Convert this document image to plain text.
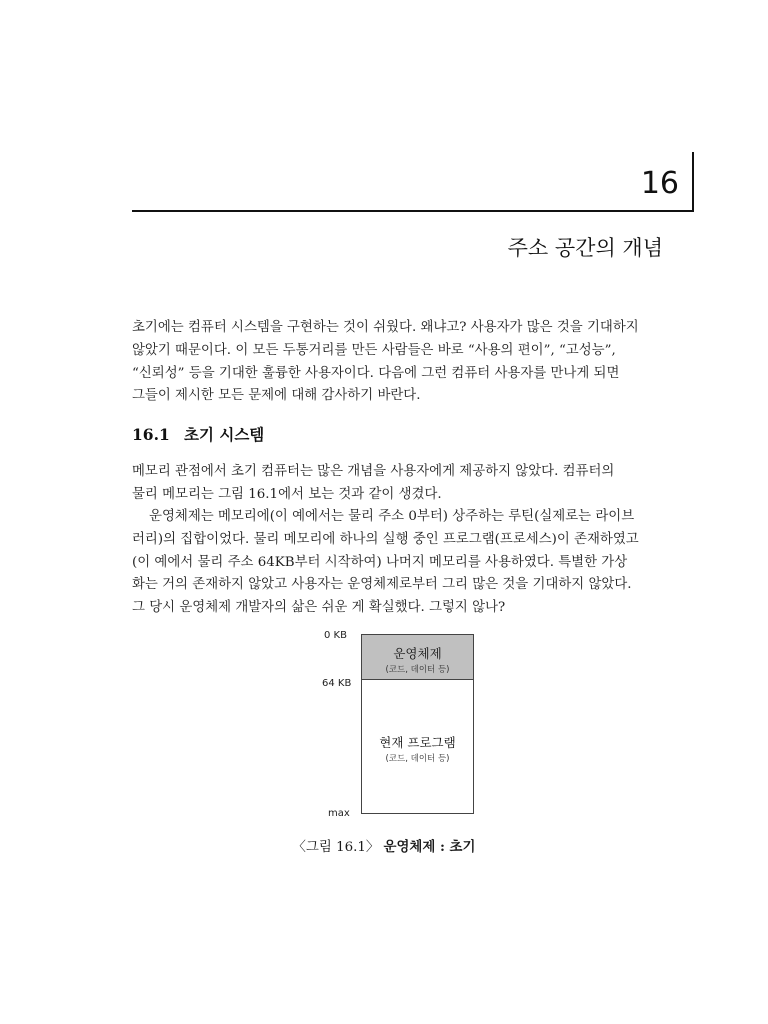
16
주소 공간의 개념

초기에는 컴퓨터 시스템을 구현하는 것이 쉬웠다. 왜냐고? 사용자가 많은 것을 기대하지
않았기 때문이다. 이 모든 두통거리를 만든 사람들은 바로 “사용의 편이”, “고성능”,
“신뢰성” 등을 기대한 훌륭한 사용자이다. 다음에 그런 컴퓨터 사용자를 만나게 되면
그들이 제시한 모든 문제에 대해 감사하기 바란다.

16.1 초기 시스템

메모리 관점에서 초기 컴퓨터는 많은 개념을 사용자에게 제공하지 않았다. 컴퓨터의
물리 메모리는 그림 16.1에서 보는 것과 같이 생겼다.

운영체제는 메모리에(이 예에서는 물리 주소 0부터) 상주하는 루틴(실제로는 라이브
러리)의 집합이었다. 물리 메모리에 하나의 실행 중인 프로그램(프로세스)이 존재하였고
(이 예에서 물리 주소 64KB부터 시작하여) 나머지 메모리를 사용하였다. 특별한 가상
화는 거의 존재하지 않았고 사용자는 운영체제로부터 그리 많은 것을 기대하지 않았다.
그 당시 운영체제 개발자의 삶은 쉬운 게 확실했다. 그렇지 않나?

0 KB
64 KB
max
운영체제
(코드, 데이터 등)
현재 프로그램
(코드, 데이터 등)
〈그림 16.1〉 운영체제 : 초기
